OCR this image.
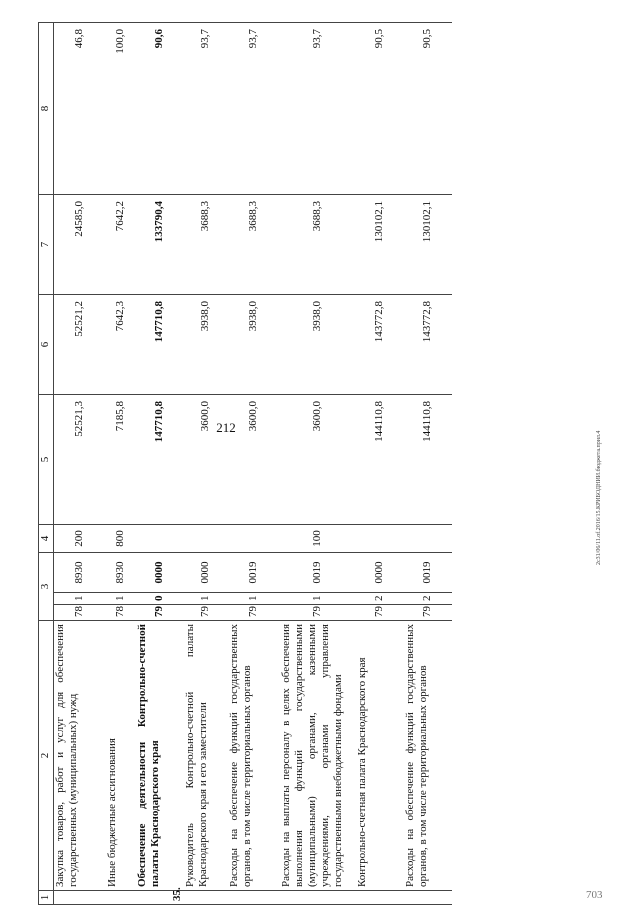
212
1	2	3			4	5	6	7	8
	Закупка товаров, работ и услуг для обеспечения государственных (муниципальных) нужд	78	1	8930	200	52521,3	52521,2	24585,0	46,8
	Иные бюджетные ассигнования	78	1	8930	800	7185,8	7642,3	7642,2	100,0
35.	Обеспечение деятельности Контрольно-счетной палаты Краснодарского края	79	0	0000		147710,8	147710,8	133790,4	90,6
	Руководитель Контрольно-счетной палаты Краснодарского края и его заместители	79	1	0000		3600,0	3938,0	3688,3	93,7
	Расходы на обеспечение функций государственных органов, в том числе территориальных органов	79	1	0019		3600,0	3938,0	3688,3	93,7
	Расходы на выплаты персоналу в целях обеспечения выполнения функций государственными (муниципальными) органами, казенными учреждениями, органами управления государственными внебюджетными фондами	79	1	0019	100	3600,0	3938,0	3688,3	93,7
	Контрольно-счетная палата Краснодарского края	79	2	0000		144110,8	143772,8	130102,1	90,5
	Расходы на обеспечение функций государственных органов, в том числе территориальных органов	79	2	0019		144110,8	143772,8	130102,1	90,5
2c31/06/11.of.2016/15.КРИБОДНИИ.бюджета.прил.4
703
